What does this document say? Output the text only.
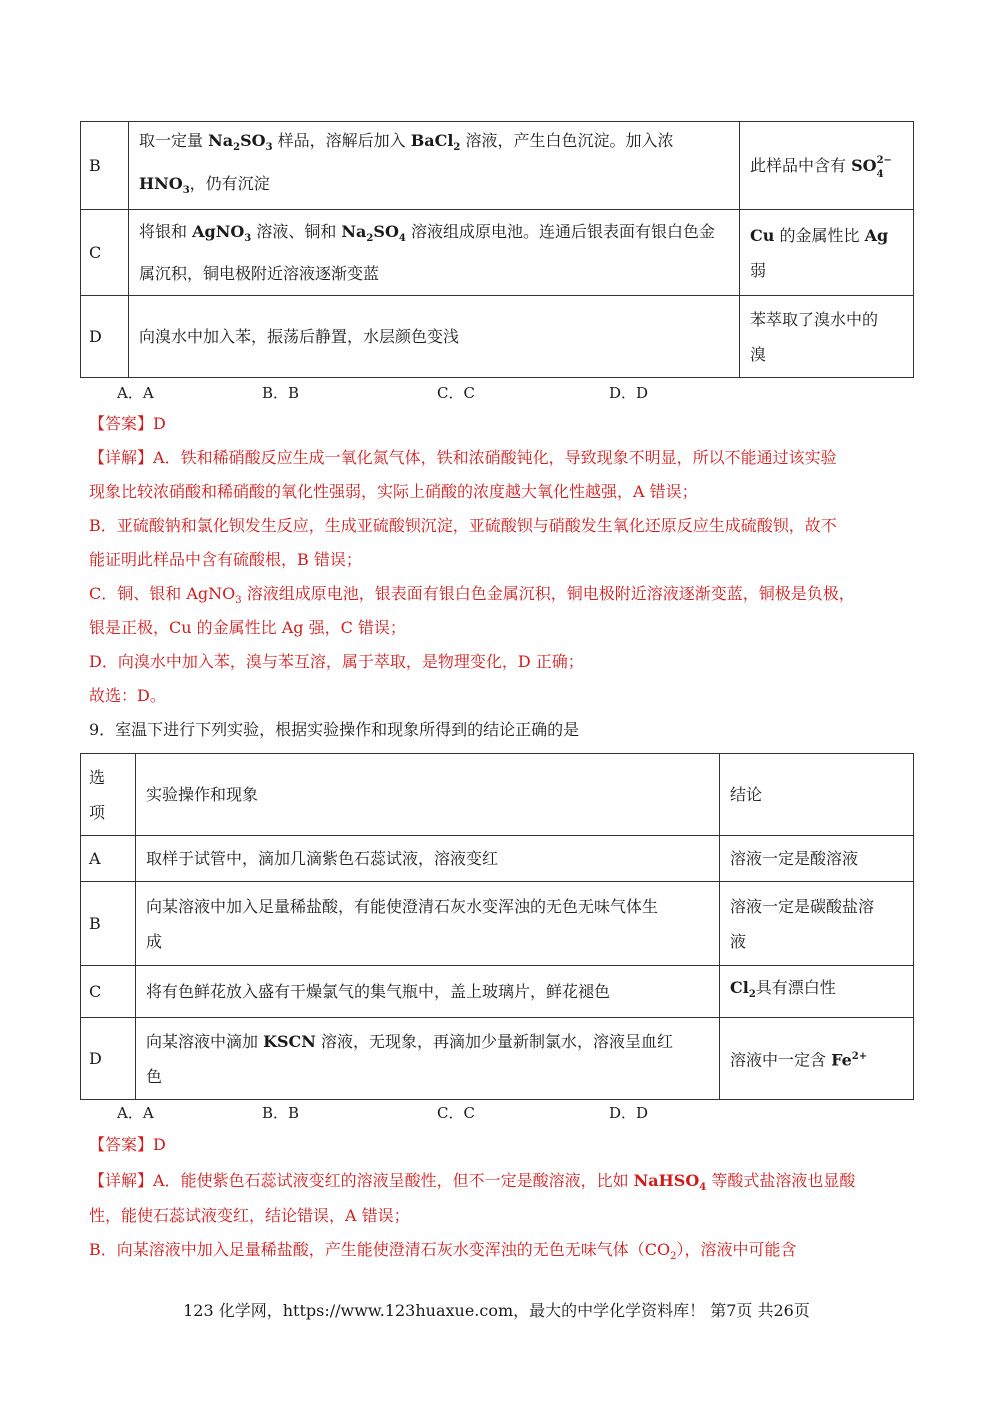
B	取一定量 $Na_2SO_3$ 样品，溶解后加入 BaCl$_2$ 溶液，产生白色沉淀。加入浓
$HNO_3$，仍有沉淀	此样品中含有 SO 2−
4

C	将银和 AgNO$_3$ 溶液、铜和 $Na_2SO_4$ 溶液组成原电池。连通后银表面有银白色金
属沉积，铜电极附近溶液逐渐变蓝	Cu 的金属性比 Ag
弱
D	向溴水中加入苯，振荡后静置，水层颜色变浅	苯萃取了溴水中的
溴
A．A	B．B	C．C	D．D
【答案】D
【详解】A．铁和稀硝酸反应生成一氧化氮气体，铁和浓硝酸钝化，导致现象不明显，所以不能通过该实验
现象比较浓硝酸和稀硝酸的氧化性强弱，实际上硝酸的浓度越大氧化性越强，A 错误；
B．亚硫酸钠和氯化钡发生反应，生成亚硫酸钡沉淀，亚硫酸钡与硝酸发生氧化还原反应生成硫酸钡，故不
能证明此样品中含有硫酸根，B 错误；
C．铜、银和 AgNO$_3$ 溶液组成原电池，银表面有银白色金属沉积，铜电极附近溶液逐渐变蓝，铜极是负极，
银是正极，Cu 的金属性比 Ag 强，C 错误；
D．向溴水中加入苯，溴与苯互溶，属于萃取，是物理变化，D 正确；
故选：D。
9．室温下进行下列实验，根据实验操作和现象所得到的结论正确的是
选
项	实验操作和现象	结论
A	取样于试管中，滴加几滴紫色石蕊试液，溶液变红	溶液一定是酸溶液
B	向某溶液中加入足量稀盐酸，有能使澄清石灰水变浑浊的无色无味气体生
成	溶液一定是碳酸盐溶
液
C	将有色鲜花放入盛有干燥氯气的集气瓶中，盖上玻璃片，鲜花褪色	$Cl_2$具有漂白性
D	向某溶液中滴加 KSCN 溶液，无现象，再滴加少量新制氯水，溶液呈血红
色	溶液中一定含 $Fe^{2+}$
A．A	B．B	C．C	D．D
【答案】D
【详解】A．能使紫色石蕊试液变红的溶液呈酸性，但不一定是酸溶液，比如 NaHSO$_4$ 等酸式盐溶液也显酸
性，能使石蕊试液变红，结论错误，A 错误；
B．向某溶液中加入足量稀盐酸，产生能使澄清石灰水变浑浊的无色无味气体$(CO_2)$，溶液中可能含
123 化学网，https://www.123huaxue.com，最大的中学化学资料库！ 第7页 共26页
